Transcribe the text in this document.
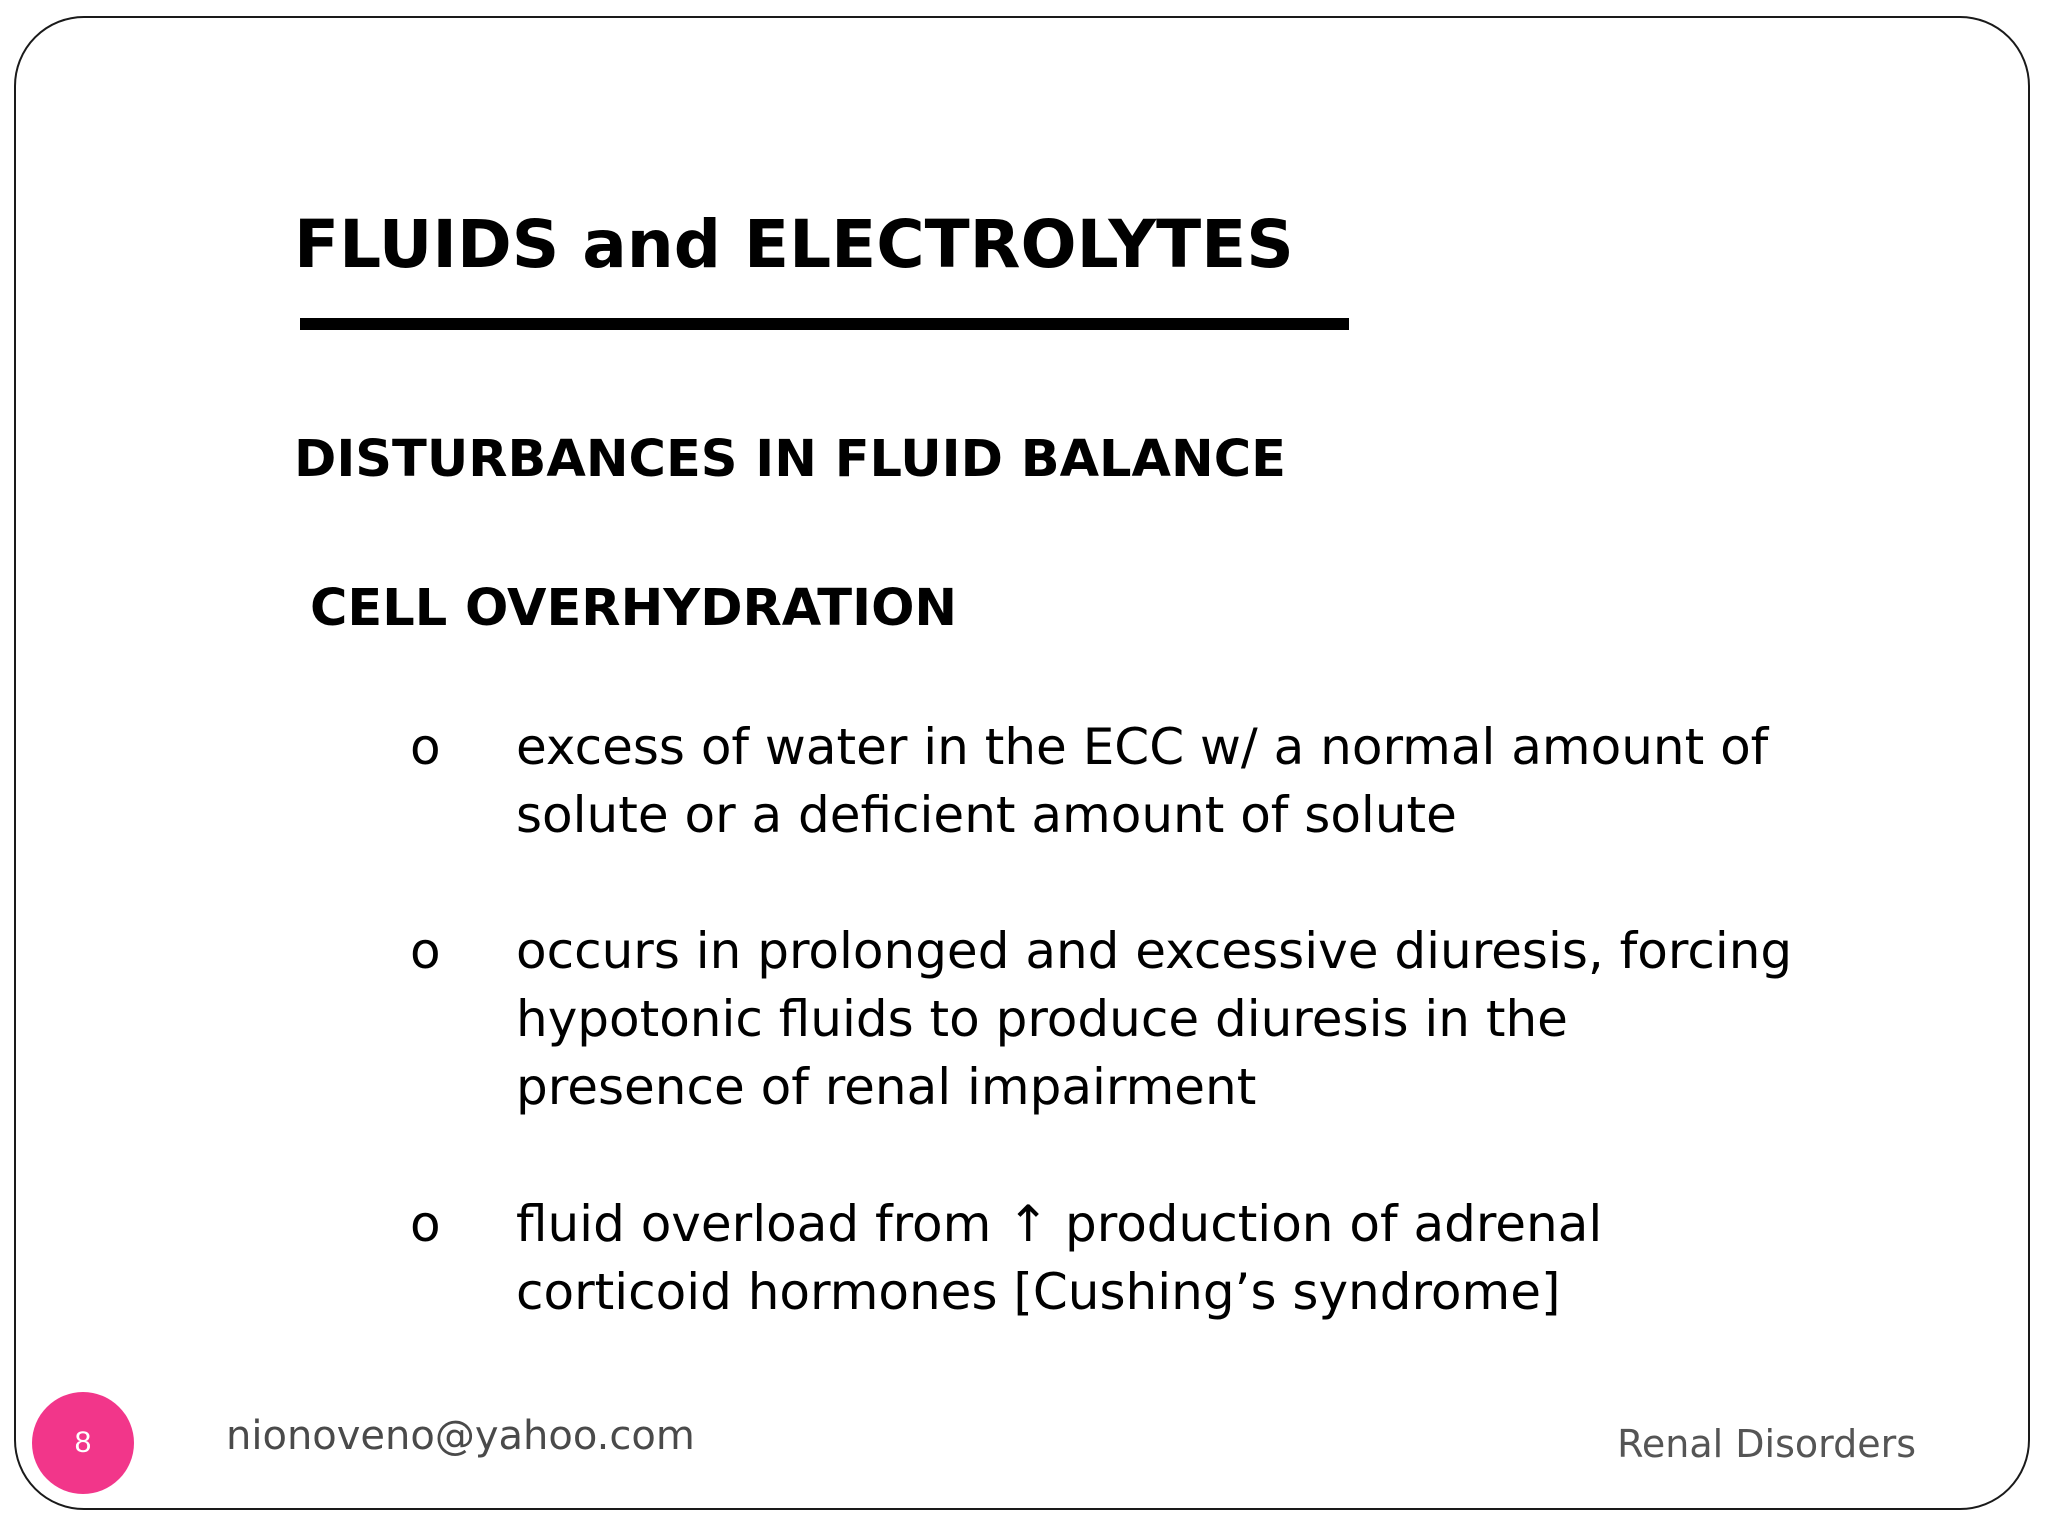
FLUIDS and ELECTROLYTES
DISTURBANCES IN FLUID BALANCE
CELL OVERHYDRATION
o	excess of water in the ECC w/ a normal amount of
solute or a deficient amount of solute
o	occurs in prolonged and excessive diuresis, forcing
hypotonic fluids to produce diuresis in the
presence of renal impairment
o	fluid overload from ↑ production of adrenal
corticoid hormones [Cushing’s syndrome]
8	nionoveno@yahoo.com	Renal Disorders
